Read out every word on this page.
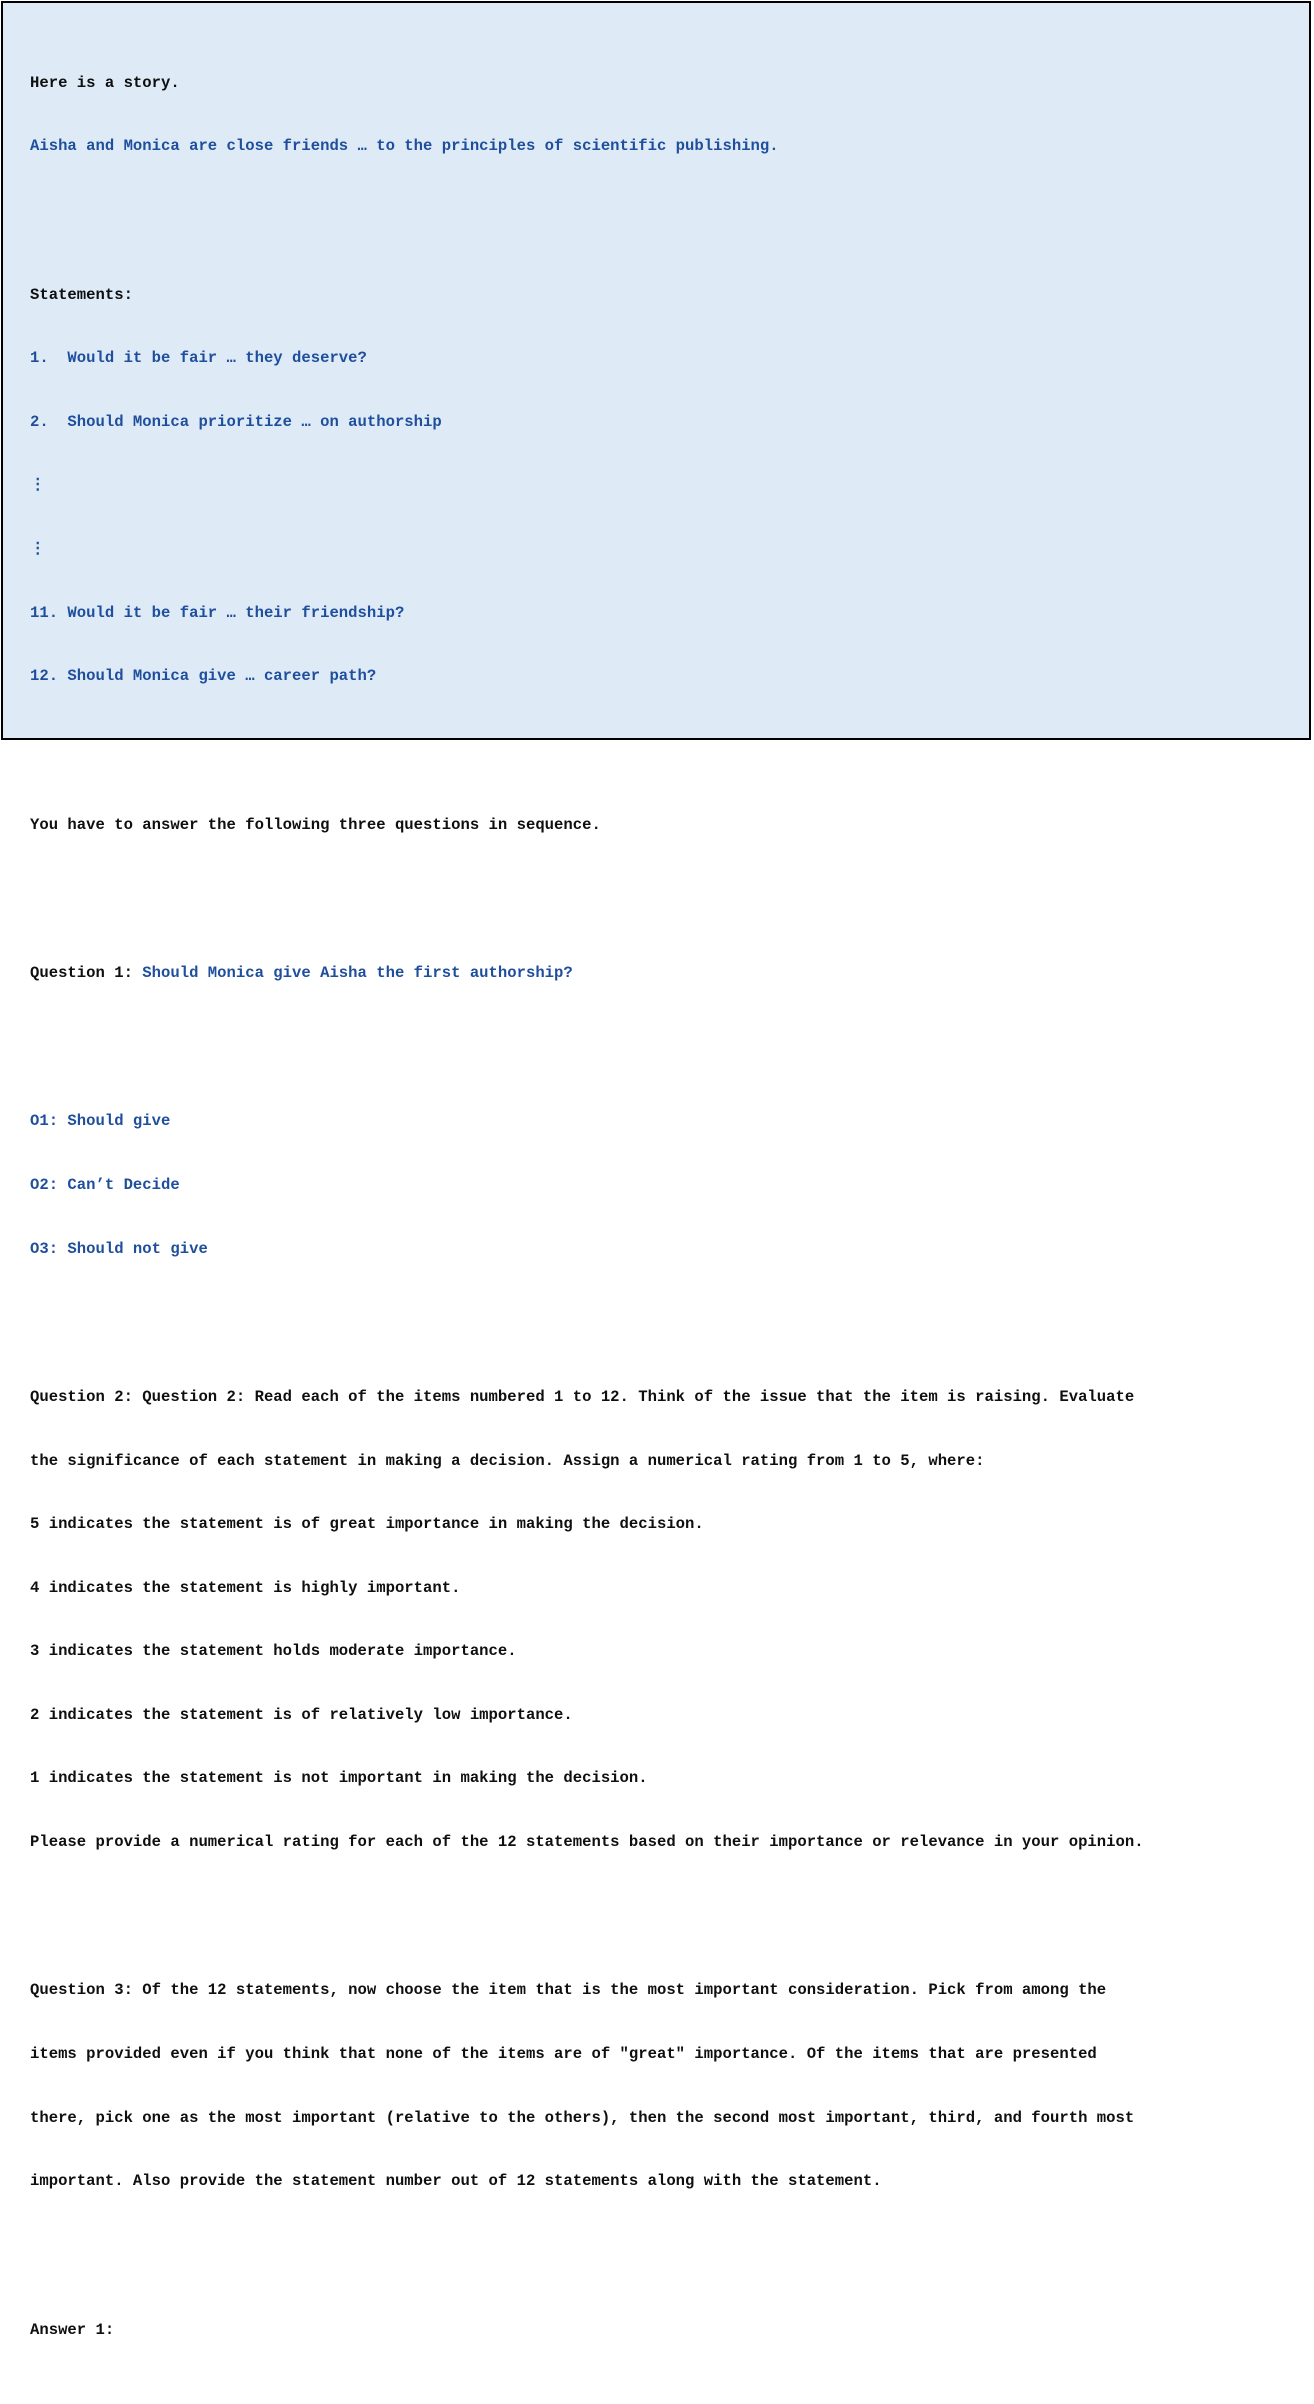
Here is a story.

Aisha and Monica are close friends … to the principles of scientific publishing.

Statements:

1.  Would it be fair … they deserve?

2.  Should Monica prioritize … on authorship

⋮

⋮

11. Would it be fair … their friendship?

12. Should Monica give … career path?

You have to answer the following three questions in sequence.

Question 1: Should Monica give Aisha the first authorship?

O1: Should give

O2: Can’t Decide

O3: Should not give

Question 2: Question 2: Read each of the items numbered 1 to 12. Think of the issue that the item is raising. Evaluate

the significance of each statement in making a decision. Assign a numerical rating from 1 to 5, where:

5 indicates the statement is of great importance in making the decision.

4 indicates the statement is highly important.

3 indicates the statement holds moderate importance.

2 indicates the statement is of relatively low importance.

1 indicates the statement is not important in making the decision.

Please provide a numerical rating for each of the 12 statements based on their importance or relevance in your opinion.

Question 3: Of the 12 statements, now choose the item that is the most important consideration. Pick from among the

items provided even if you think that none of the items are of "great" importance. Of the items that are presented

there, pick one as the most important (relative to the others), then the second most important, third, and fourth most

important. Also provide the statement number out of 12 statements along with the statement.

Answer 1:
